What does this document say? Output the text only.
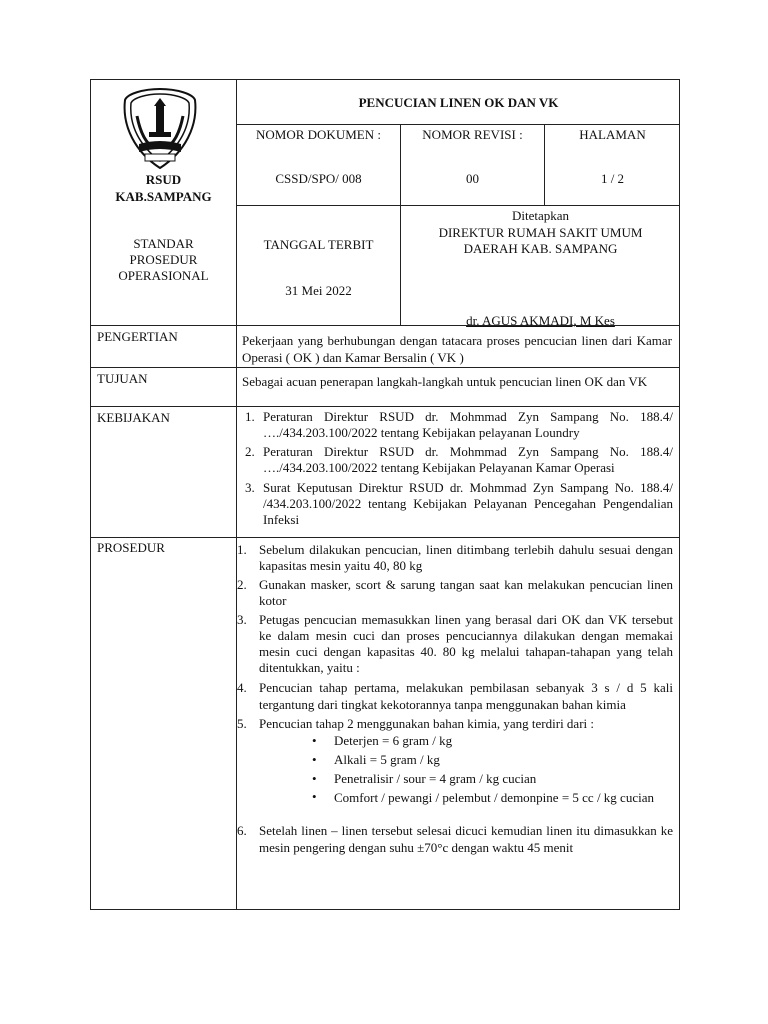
RSUD
KAB.SAMPANG
PENCUCIAN LINEN OK DAN VK
NOMOR DOKUMEN :
CSSD/SPO/ 008
NOMOR REVISI :
00
HALAMAN
1 / 2
STANDAR
PROSEDUR
OPERASIONAL
TANGGAL TERBIT
31 Mei 2022
Ditetapkan
DIREKTUR RUMAH SAKIT UMUM
DAERAH KAB. SAMPANG
dr. AGUS AKMADI, M Kes
PENGERTIAN	Pekerjaan yang berhubungan dengan tatacara proses pencucian linen dari Kamar Operasi ( OK ) dan Kamar Bersalin ( VK )
TUJUAN	Sebagai acuan penerapan langkah-langkah untuk pencucian linen OK dan VK
KEBIJAKAN	1. Peraturan Direktur RSUD dr. Mohmmad Zyn Sampang No. 188.4/ …./434.203.100/2022 tentang Kebijakan pelayanan Loundry
2. Peraturan Direktur RSUD dr. Mohmmad Zyn Sampang No. 188.4/ …./434.203.100/2022 tentang Kebijakan Pelayanan Kamar Operasi
3. Surat Keputusan Direktur RSUD dr. Mohmmad Zyn Sampang No. 188.4/ /434.203.100/2022 tentang Kebijakan Pelayanan Pencegahan Pengendalian Infeksi
PROSEDUR	1. Sebelum dilakukan pencucian, linen ditimbang terlebih dahulu sesuai dengan kapasitas mesin yaitu 40, 80 kg
2. Gunakan masker, scort & sarung tangan saat kan melakukan pencucian linen kotor
3. Petugas pencucian memasukkan linen yang berasal dari OK dan VK tersebut ke dalam mesin cuci dan proses pencuciannya dilakukan dengan memakai mesin cuci dengan kapasitas 40. 80 kg melalui tahapan-tahapan yang telah ditentukkan, yaitu :
4. Pencucian tahap pertama, melakukan pembilasan sebanyak 3 s / d 5 kali tergantung dari tingkat kekotorannya tanpa menggunakan bahan kimia
5. Pencucian tahap 2 menggunakan bahan kimia, yang terdiri dari :
• Deterjen = 6 gram / kg
• Alkali = 5 gram / kg
• Penetralisir / sour = 4 gram / kg cucian
• Comfort / pewangi / pelembut / demonpine = 5 cc / kg cucian
6. Setelah linen – linen tersebut selesai dicuci kemudian linen itu dimasukkan ke mesin pengering dengan suhu ±70°c dengan waktu 45 menit
